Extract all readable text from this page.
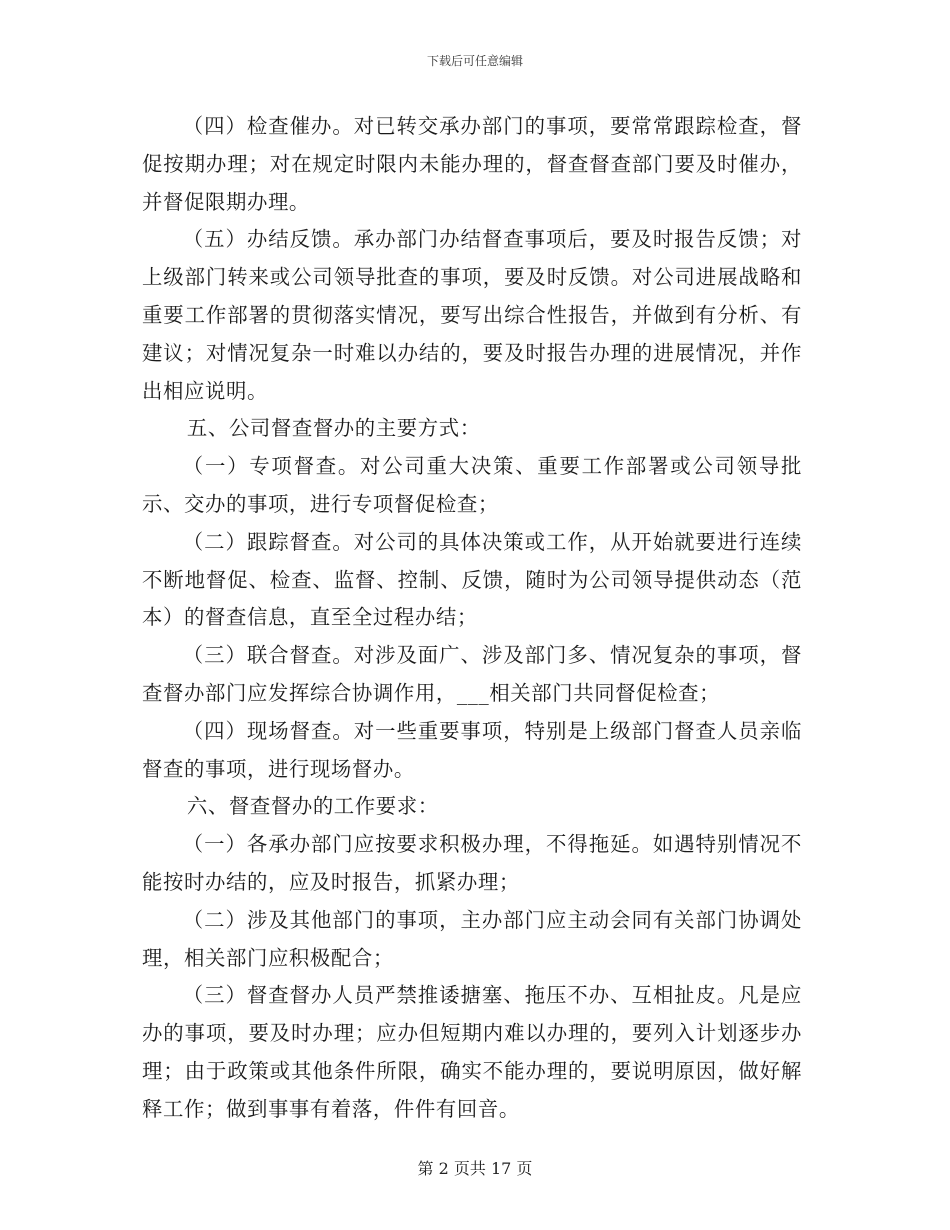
下载后可任意编辑

（四）检查催办。对已转交承办部门的事项，要常常跟踪检查，督促按期办理；对在规定时限内未能办理的，督查督查部门要及时催办，并督促限期办理。

（五）办结反馈。承办部门办结督查事项后，要及时报告反馈；对上级部门转来或公司领导批查的事项，要及时反馈。对公司进展战略和重要工作部署的贯彻落实情况，要写出综合性报告，并做到有分析、有建议；对情况复杂一时难以办结的，要及时报告办理的进展情况，并作出相应说明。

五、公司督查督办的主要方式：

（一）专项督查。对公司重大决策、重要工作部署或公司领导批示、交办的事项，进行专项督促检查；

（二）跟踪督查。对公司的具体决策或工作，从开始就要进行连续不断地督促、检查、监督、控制、反馈，随时为公司领导提供动态（范本）的督查信息，直至全过程办结；

（三）联合督查。对涉及面广、涉及部门多、情况复杂的事项，督查督办部门应发挥综合协调作用，___相关部门共同督促检查；

（四）现场督查。对一些重要事项，特别是上级部门督查人员亲临督查的事项，进行现场督办。

六、督查督办的工作要求：

（一）各承办部门应按要求积极办理，不得拖延。如遇特别情况不能按时办结的，应及时报告，抓紧办理；

（二）涉及其他部门的事项，主办部门应主动会同有关部门协调处理，相关部门应积极配合；

（三）督查督办人员严禁推诿搪塞、拖压不办、互相扯皮。凡是应办的事项，要及时办理；应办但短期内难以办理的，要列入计划逐步办理；由于政策或其他条件所限，确实不能办理的，要说明原因，做好解释工作；做到事事有着落，件件有回音。

第 2 页共 17 页
